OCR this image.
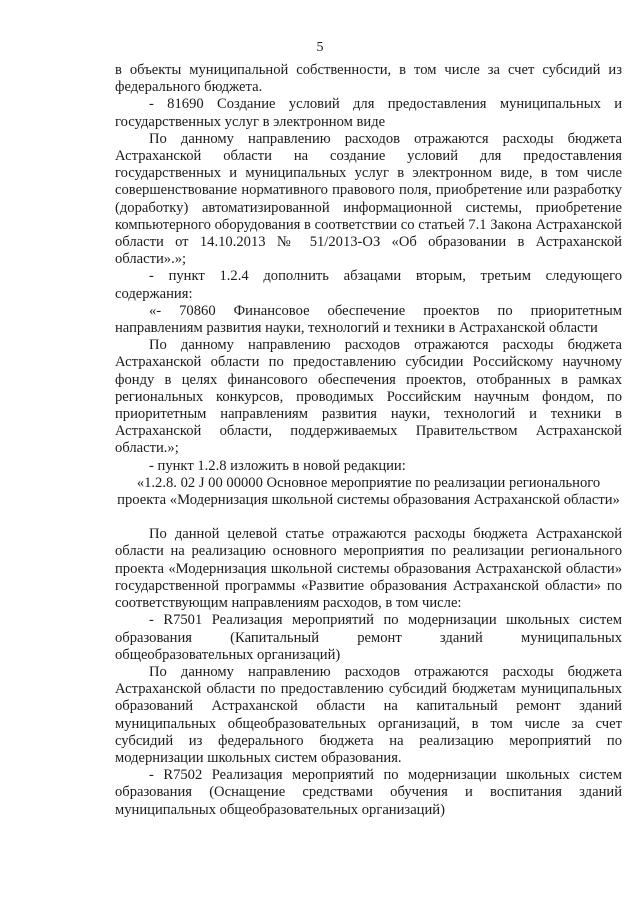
5

в объекты муниципальной собственности, в том числе за счет субсидий из федерального бюджета.

- 81690 Создание условий для предоставления муниципальных и государственных услуг в электронном виде

По данному направлению расходов отражаются расходы бюджета Астраханской области на создание условий для предоставления государственных и муниципальных услуг в электронном виде, в том числе совершенствование нормативного правового поля, приобретение или разработку (доработку) автоматизированной информационной системы, приобретение компьютерного оборудования в соответствии со статьей 7.1 Закона Астраханской области от 14.10.2013 № 51/2013-ОЗ «Об образовании в Астраханской области».»;

- пункт 1.2.4 дополнить абзацами вторым, третьим следующего содержания:

«- 70860 Финансовое обеспечение проектов по приоритетным направлениям развития науки, технологий и техники в Астраханской области

По данному направлению расходов отражаются расходы бюджета Астраханской области по предоставлению субсидии Российскому научному фонду в целях финансового обеспечения проектов, отобранных в рамках региональных конкурсов, проводимых Российским научным фондом, по приоритетным направлениям развития науки, технологий и техники в Астраханской области, поддерживаемых Правительством Астраханской области.»;

- пункт 1.2.8 изложить в новой редакции:

«1.2.8. 02 J 00 00000 Основное мероприятие по реализации регионального проекта «Модернизация школьной системы образования Астраханской области»

По данной целевой статье отражаются расходы бюджета Астраханской области на реализацию основного мероприятия по реализации регионального проекта «Модернизация школьной системы образования Астраханской области» государственной программы «Развитие образования Астраханской области» по соответствующим направлениям расходов, в том числе:

- R7501 Реализация мероприятий по модернизации школьных систем образования (Капитальный ремонт зданий муниципальных общеобразовательных организаций)

По данному направлению расходов отражаются расходы бюджета Астраханской области по предоставлению субсидий бюджетам муниципальных образований Астраханской области на капитальный ремонт зданий муниципальных общеобразовательных организаций, в том числе за счет субсидий из федерального бюджета на реализацию мероприятий по модернизации школьных систем образования.

- R7502 Реализация мероприятий по модернизации школьных систем образования (Оснащение средствами обучения и воспитания зданий муниципальных общеобразовательных организаций)
